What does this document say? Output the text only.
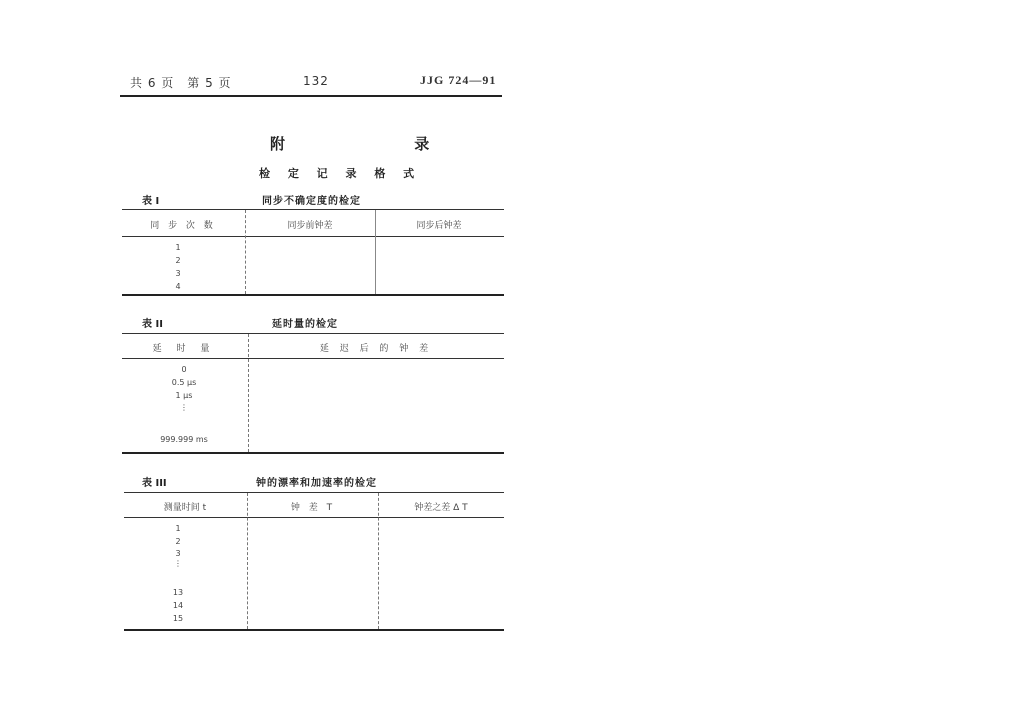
共 6 页　第 5 页	132	JJG 724—91
附 录
检 定 记 录 格 式
表 I	同步不确定度的检定
同 步 次 数	同步前钟差	同步后钟差
1
2
3
4
表 II	延时量的检定
延 时 量	延 迟 后 的 钟 差
0
0.5 μs
1 μs
⋮
999.999 ms
表 III	钟的漂率和加速率的检定
测量时间 t	钟 差 T	钟差之差 Δ T
1
2
3
⋮
13
14
15
